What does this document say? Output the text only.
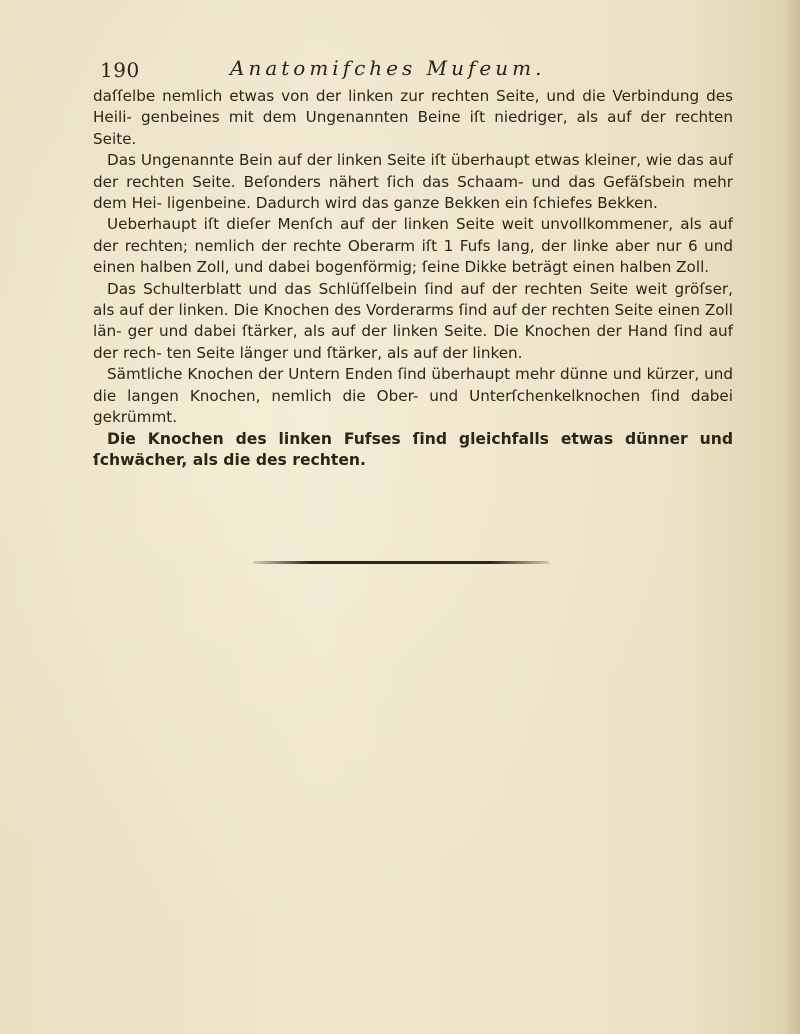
190	Anatomifches Mufeum.

daſſelbe nemlich etwas von der linken zur rechten Seite, und die Verbindung des Heili- genbeines mit dem Ungenannten Beine iſt niedriger, als auf der rechten Seite.

Das Ungenannte Bein auf der linken Seite iſt überhaupt etwas kleiner, wie das auf der rechten Seite. Beſonders nähert ſich das Schaam- und das Gefäſsbein mehr dem Hei- ligenbeine. Dadurch wird das ganze Bekken ein ſchiefes Bekken.

Ueberhaupt iſt dieſer Menſch auf der linken Seite weit unvollkommener, als auf der rechten; nemlich der rechte Oberarm iſt 1 Fufs lang, der linke aber nur 6 und einen halben Zoll, und dabei bogenförmig; ſeine Dikke beträgt einen halben Zoll.

Das Schulterblatt und das Schlüſſelbein ſind auf der rechten Seite weit gröſser, als auf der linken. Die Knochen des Vorderarms ſind auf der rechten Seite einen Zoll län- ger und dabei ſtärker, als auf der linken Seite. Die Knochen der Hand ſind auf der rech- ten Seite länger und ſtärker, als auf der linken.

Sämtliche Knochen der Untern Enden ſind überhaupt mehr dünne und kürzer, und die langen Knochen, nemlich die Ober- und Unterſchenkelknochen ſind dabei gekrümmt.

Die Knochen des linken Fufses ſind gleichfalls etwas dünner und ſchwächer, als die des rechten.
